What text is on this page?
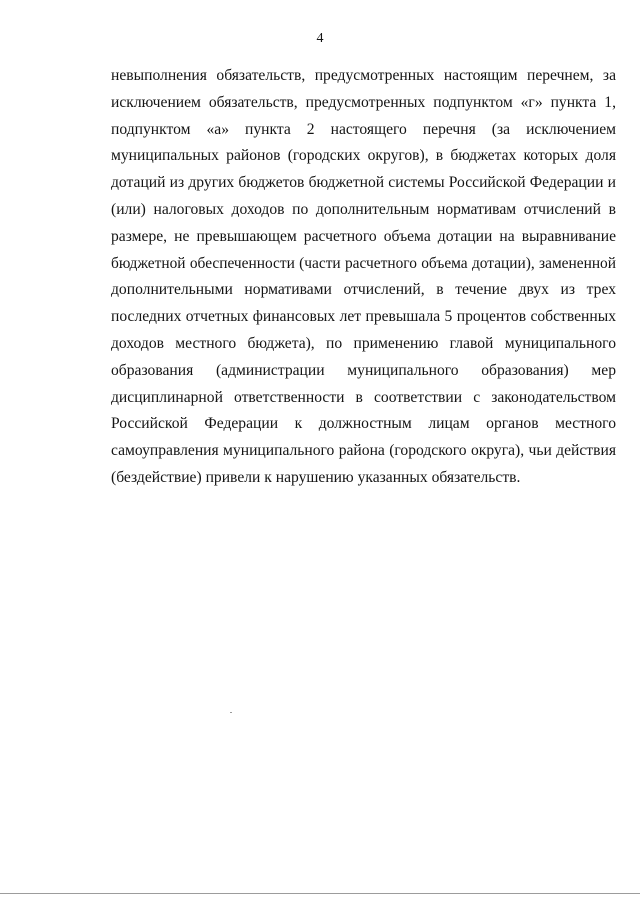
4

невыполнения обязательств, предусмотренных настоящим перечнем, за
исключением обязательств, предусмотренных подпунктом «г» пункта 1,
подпунктом «а» пункта 2 настоящего перечня (за исключением
муниципальных районов (городских округов), в бюджетах которых доля
дотаций из других бюджетов бюджетной системы Российской Федерации и
(или) налоговых доходов по дополнительным нормативам отчислений в
размере, не превышающем расчетного объема дотации на выравнивание
бюджетной обеспеченности (части расчетного объема дотации), замененной
дополнительными нормативами отчислений, в течение двух из трех
последних отчетных финансовых лет превышала 5 процентов собственных
доходов местного бюджета), по применению главой муниципального
образования (администрации муниципального образования) мер
дисциплинарной ответственности в соответствии с законодательством
Российской Федерации к должностным лицам органов местного
самоуправления муниципального района (городского округа), чьи действия
(бездействие) привели к нарушению указанных обязательств.
